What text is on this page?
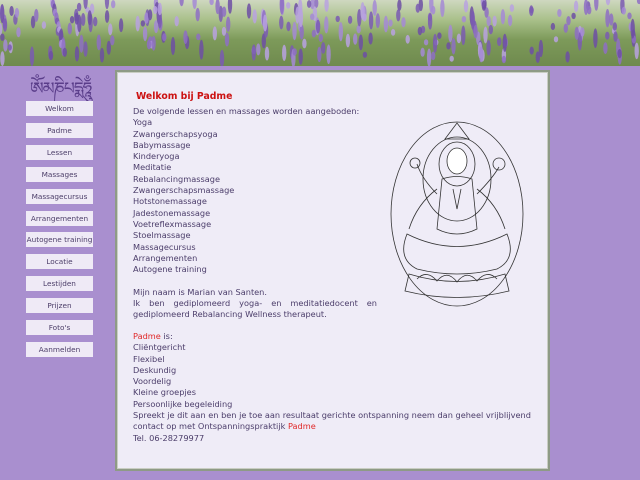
ༀམཎིཔདྨེཧཱུྃ
Welkom
Padme
Lessen
Massages
Massagecursus
Arrangementen
Autogene training
Locatie
Lestijden
Prijzen
Foto's
Aanmelden
Welkom bij Padme
De volgende lessen en massages worden aangeboden:
Yoga
Zwangerschapsyoga
Babymassage
Kinderyoga
Meditatie
Rebalancingmassage
Zwangerschapsmassage
Hotstonemassage
Jadestonemassage
Voetreflexmassage
Stoelmassage
Massagecursus
Arrangementen
Autogene training
Mijn naam is Marian van Santen.
Ik ben gediplomeerd yoga- en meditatiedocent en gediplomeerd Rebalancing Wellness therapeut.
Padme is:
Cliëntgericht
Flexibel
Deskundig
Voordelig
Kleine groepjes
Persoonlijke begeleiding
Spreekt je dit aan en ben je toe aan resultaat gerichte ontspanning neem dan geheel vrijblijvend contact op met Ontspanningspraktijk Padme
Tel. 06-28279977
